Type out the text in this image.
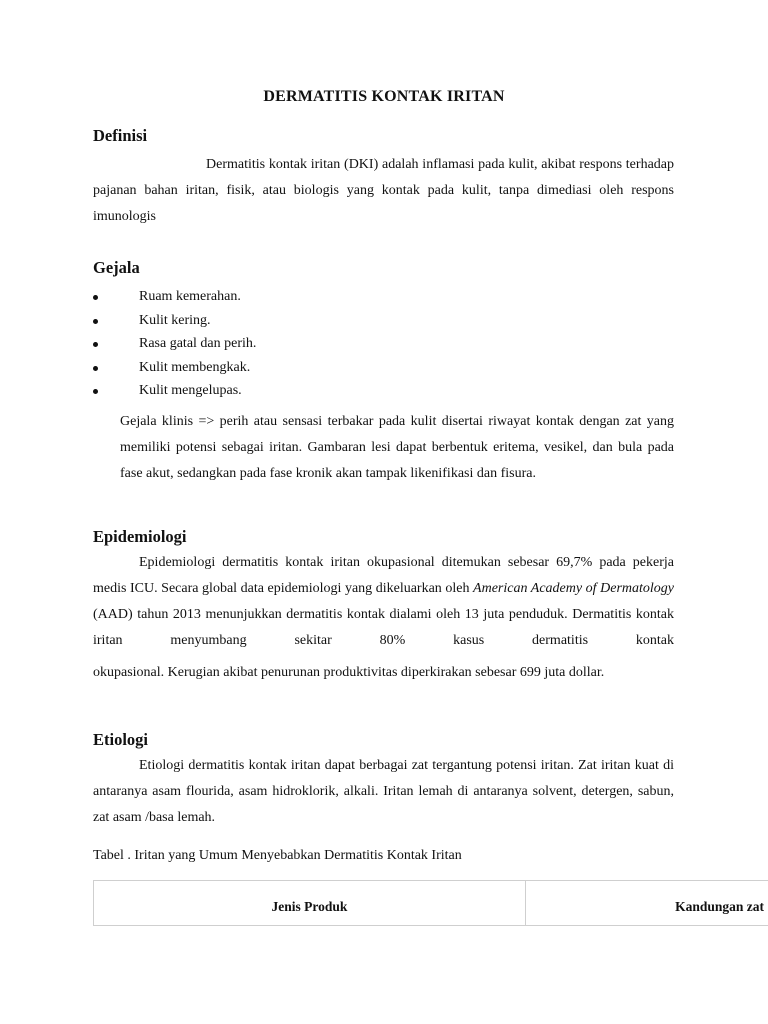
DERMATITIS KONTAK IRITAN
Definisi

Dermatitis kontak iritan (DKI) adalah inflamasi pada kulit, akibat respons terhadap pajanan bahan iritan, fisik, atau biologis yang kontak pada kulit, tanpa dimediasi oleh respons imunologis

Gejala
Ruam kemerahan.
Kulit kering.
Rasa gatal dan perih.
Kulit membengkak.
Kulit mengelupas.

Gejala klinis => perih atau sensasi terbakar pada kulit disertai riwayat kontak dengan zat yang memiliki potensi sebagai iritan. Gambaran lesi dapat berbentuk eritema, vesikel, dan bula pada fase akut, sedangkan pada fase kronik akan tampak likenifikasi dan fisura.

Epidemiologi

Epidemiologi dermatitis kontak iritan okupasional ditemukan sebesar 69,7% pada pekerja medis ICU. Secara global data epidemiologi yang dikeluarkan oleh American Academy of Dermatology (AAD) tahun 2013 menunjukkan dermatitis kontak dialami oleh 13 juta penduduk. Dermatitis kontak iritan menyumbang sekitar 80% kasus dermatitis kontak

okupasional. Kerugian akibat penurunan produktivitas diperkirakan sebesar 699 juta dollar.

Etiologi

Etiologi dermatitis kontak iritan dapat berbagai zat tergantung potensi iritan. Zat iritan kuat di antaranya asam flourida, asam hidroklorik, alkali. Iritan lemah di antaranya solvent, detergen, sabun, zat asam /basa lemah.

Tabel . Iritan yang Umum Menyebabkan Dermatitis Kontak Iritan
Jenis Produk	Kandungan zat
